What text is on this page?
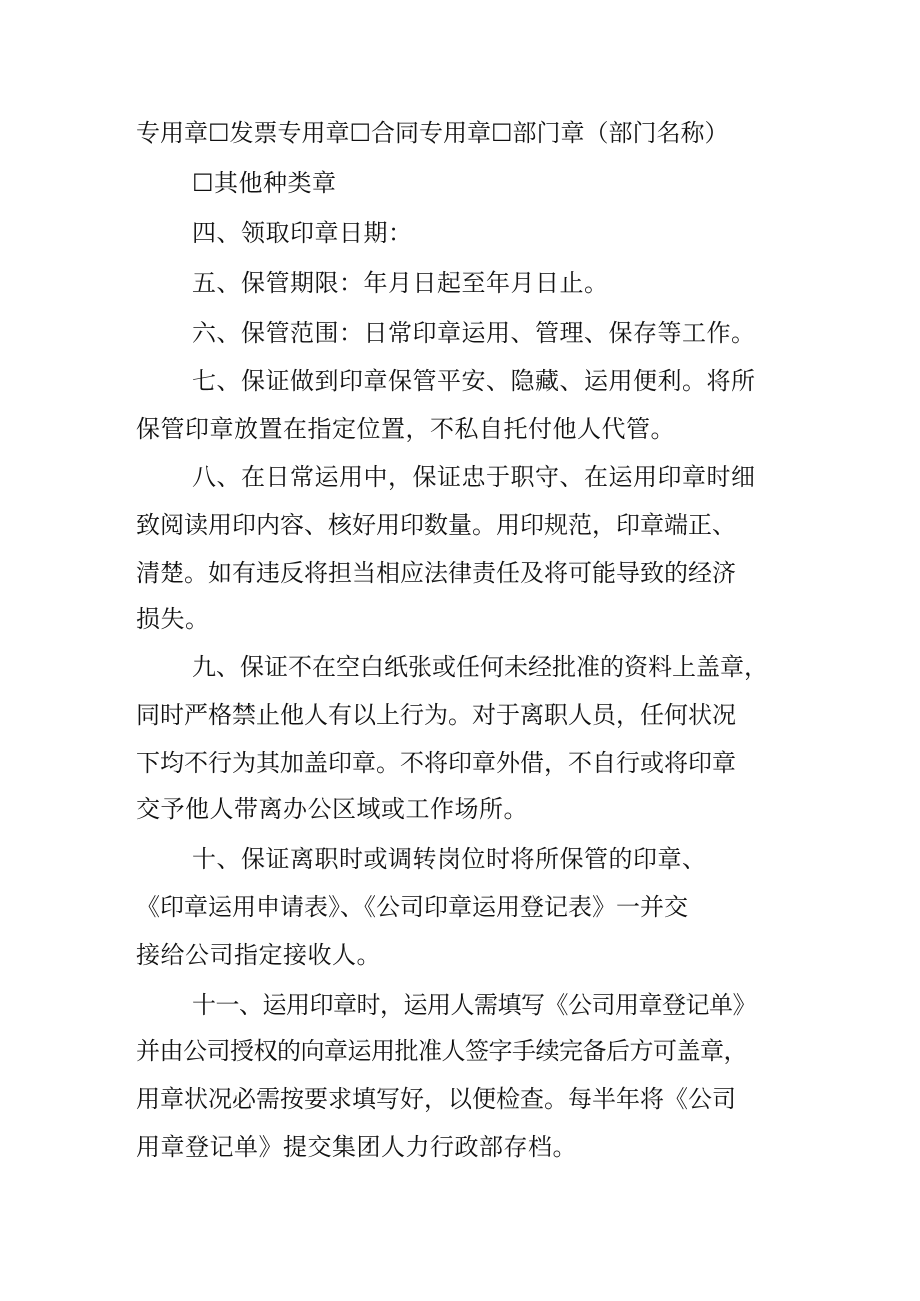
专用章☐发票专用章☐合同专用章☐部门章（部门名称）
☐其他种类章
四、领取印章日期：
五、保管期限：年月日起至年月日止。
六、保管范围：日常印章运用、管理、保存等工作。
七、保证做到印章保管平安、隐藏、运用便利。将所
保管印章放置在指定位置，不私自托付他人代管。
八、在日常运用中，保证忠于职守、在运用印章时细
致阅读用印内容、核好用印数量。用印规范，印章端正、
清楚。如有违反将担当相应法律责任及将可能导致的经济
损失。
九、保证不在空白纸张或任何未经批准的资料上盖章，
同时严格禁止他人有以上行为。对于离职人员，任何状况
下均不行为其加盖印章。不将印章外借，不自行或将印章
交予他人带离办公区域或工作场所。
十、保证离职时或调转岗位时将所保管的印章、
《印章运用申请表》、《公司印章运用登记表》一并交
接给公司指定接收人。
十一、运用印章时，运用人需填写《公司用章登记单》
并由公司授权的向章运用批准人签字手续完备后方可盖章，
用章状况必需按要求填写好，以便检查。每半年将《公司
用章登记单》提交集团人力行政部存档。
